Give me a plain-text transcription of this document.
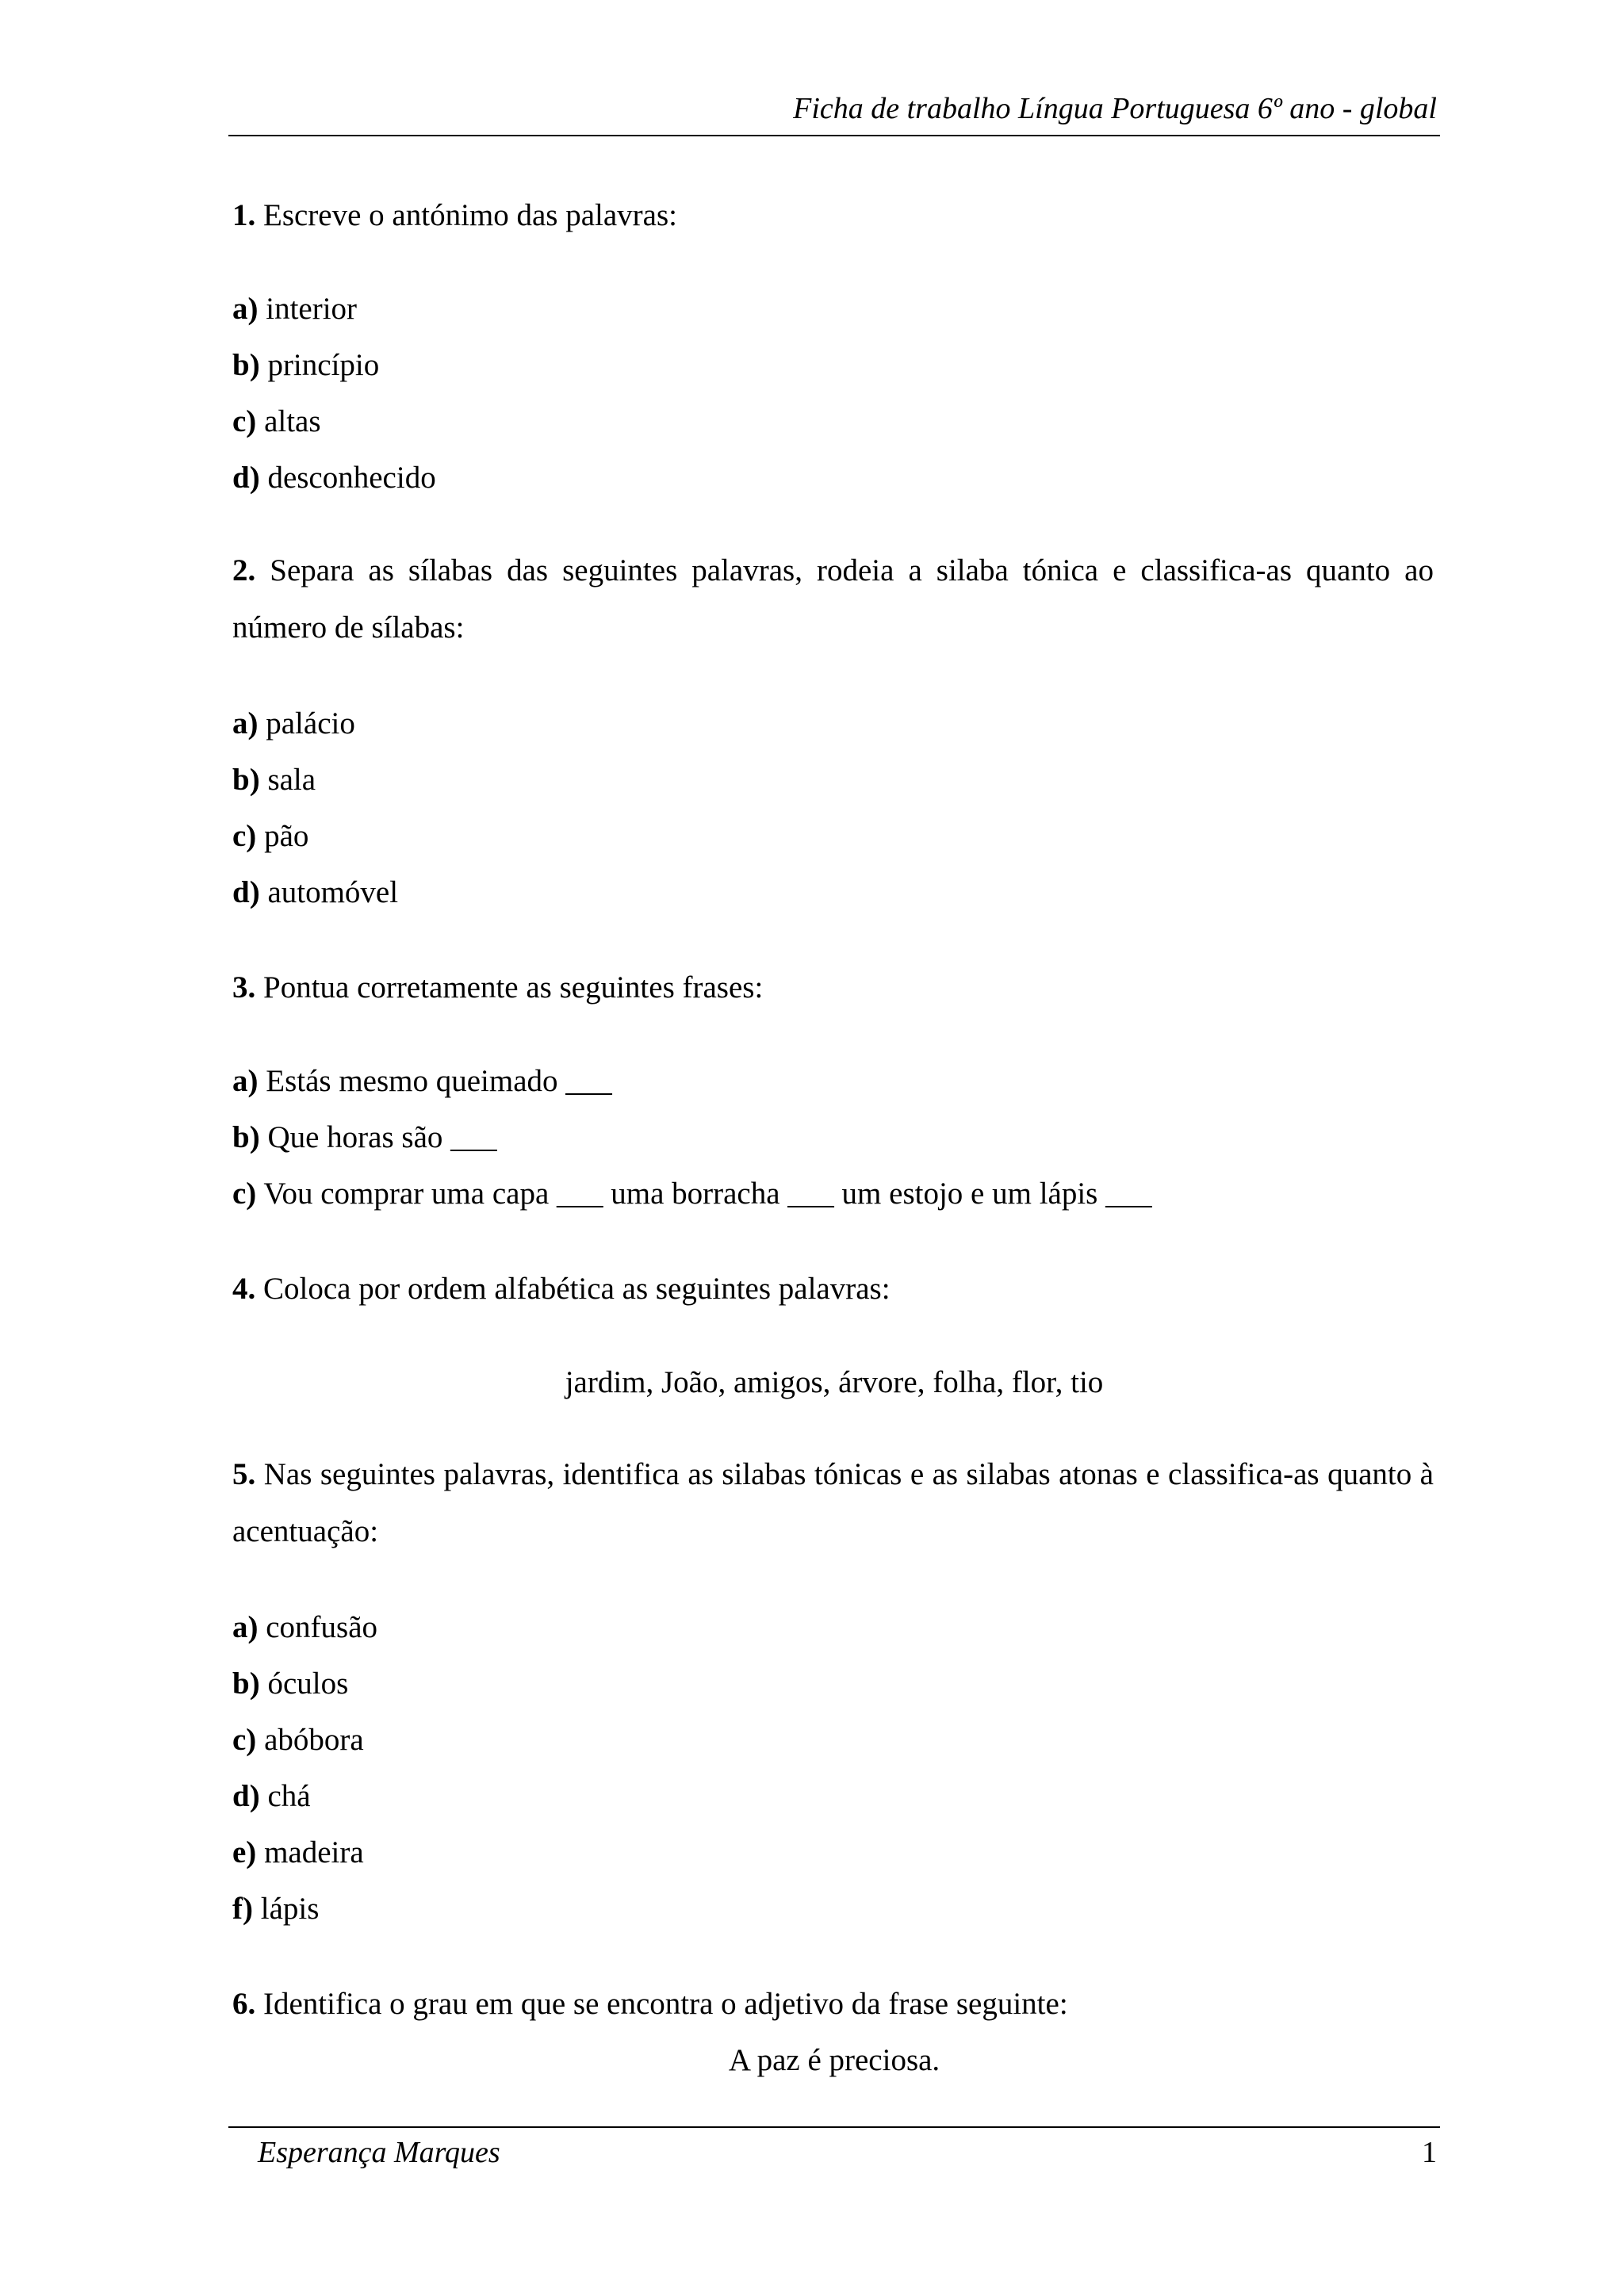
Ficha de trabalho Língua Portuguesa 6º ano - global
1. Escreve o antónimo das palavras:
a) interior
b) princípio
c) altas
d) desconhecido
2. Separa as sílabas das seguintes palavras, rodeia a silaba tónica e classifica-as quanto ao número de sílabas:
a) palácio
b) sala
c) pão
d) automóvel
3. Pontua corretamente as seguintes frases:
a) Estás mesmo queimado ___
b) Que horas são ___
c) Vou comprar uma capa ___ uma borracha ___ um estojo e um lápis ___
4. Coloca por ordem alfabética as seguintes palavras:
jardim, João, amigos, árvore, folha, flor, tio
5. Nas seguintes palavras, identifica as silabas tónicas e as silabas atonas e classifica-as quanto à acentuação:
a) confusão
b) óculos
c) abóbora
d) chá
e) madeira
f) lápis
6. Identifica o grau em que se encontra o adjetivo da frase seguinte:
A paz é preciosa.
Esperança Marques	1
